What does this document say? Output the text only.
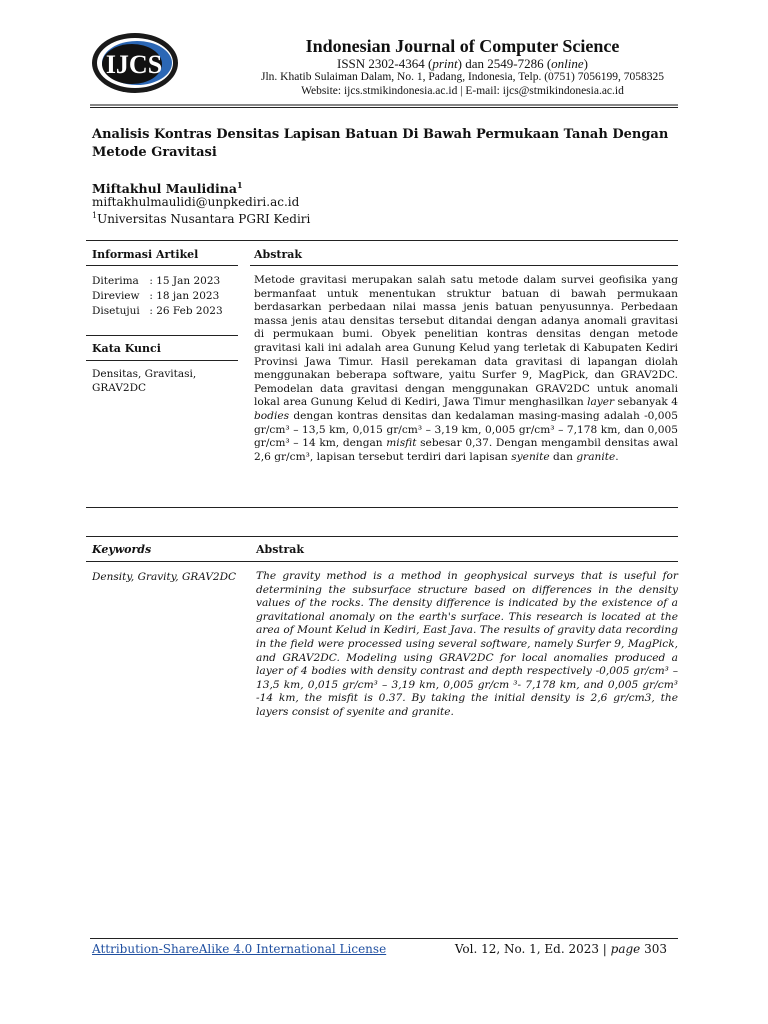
IJCS
Indonesian Journal of Computer Science
ISSN 2302-4364 (print) dan 2549-7286 (online)
Jln. Khatib Sulaiman Dalam, No. 1, Padang, Indonesia, Telp. (0751) 7056199, 7058325
Website: ijcs.stmikindonesia.ac.id | E-mail: ijcs@stmikindonesia.ac.id
Analisis Kontras Densitas Lapisan Batuan Di Bawah Permukaan Tanah Dengan Metode Gravitasi
Miftakhul Maulidina$^1$
miftakhulmaulidi@unpkediri.ac.id
$^1$Universitas Nusantara PGRI Kediri
Informasi Artikel	Abstrak
Diterima : 15 Jan 2023
Direview : 18 jan 2023
Disetujui : 26 Feb 2023
Kata Kunci
Densitas, Gravitasi, GRAV2DC
Metode gravitasi merupakan salah satu metode dalam survei geofisika yang bermanfaat untuk menentukan struktur batuan di bawah permukaan berdasarkan perbedaan nilai massa jenis batuan penyusunnya. Perbedaan massa jenis atau densitas tersebut ditandai dengan adanya anomali gravitasi di permukaan bumi. Obyek penelitian kontras densitas dengan metode gravitasi kali ini adalah area Gunung Kelud yang terletak di Kabupaten Kediri Provinsi Jawa Timur. Hasil perekaman data gravitasi di lapangan diolah menggunakan beberapa software, yaitu Surfer 9, MagPick, dan GRAV2DC. Pemodelan data gravitasi dengan menggunakan GRAV2DC untuk anomali lokal area Gunung Kelud di Kediri, Jawa Timur menghasilkan layer sebanyak 4 bodies dengan kontras densitas dan kedalaman masing-masing adalah -0,005 gr/cm³ – 13,5 km, 0,015 gr/cm³ – 3,19 km, 0,005 gr/cm³ – 7,178 km, dan 0,005 gr/cm³ – 14 km, dengan misfit sebesar 0,37. Dengan mengambil densitas awal 2,6 gr/cm³, lapisan tersebut terdiri dari lapisan syenite dan granite.
Keywords	Abstrak
Density, Gravity, GRAV2DC	The gravity method is a method in geophysical surveys that is useful for determining the subsurface structure based on differences in the density values of the rocks. The density difference is indicated by the existence of a gravitational anomaly on the earth's surface. This research is located at the area of Mount Kelud in Kediri, East Java. The results of gravity data recording in the field were processed using several software, namely Surfer 9, MagPick, and GRAV2DC. Modeling using GRAV2DC for local anomalies produced a layer of 4 bodies with density contrast and depth respectively -0,005 gr/cm³ – 13,5 km, 0,015 gr/cm³ – 3,19 km, 0,005 gr/cm ³- 7,178 km, and 0,005 gr/cm³ -14 km, the misfit is 0.37. By taking the initial density is 2,6 gr/cm3, the layers consist of syenite and granite.
Attribution-ShareAlike 4.0 International License	Vol. 12, No. 1, Ed. 2023 | page 303
